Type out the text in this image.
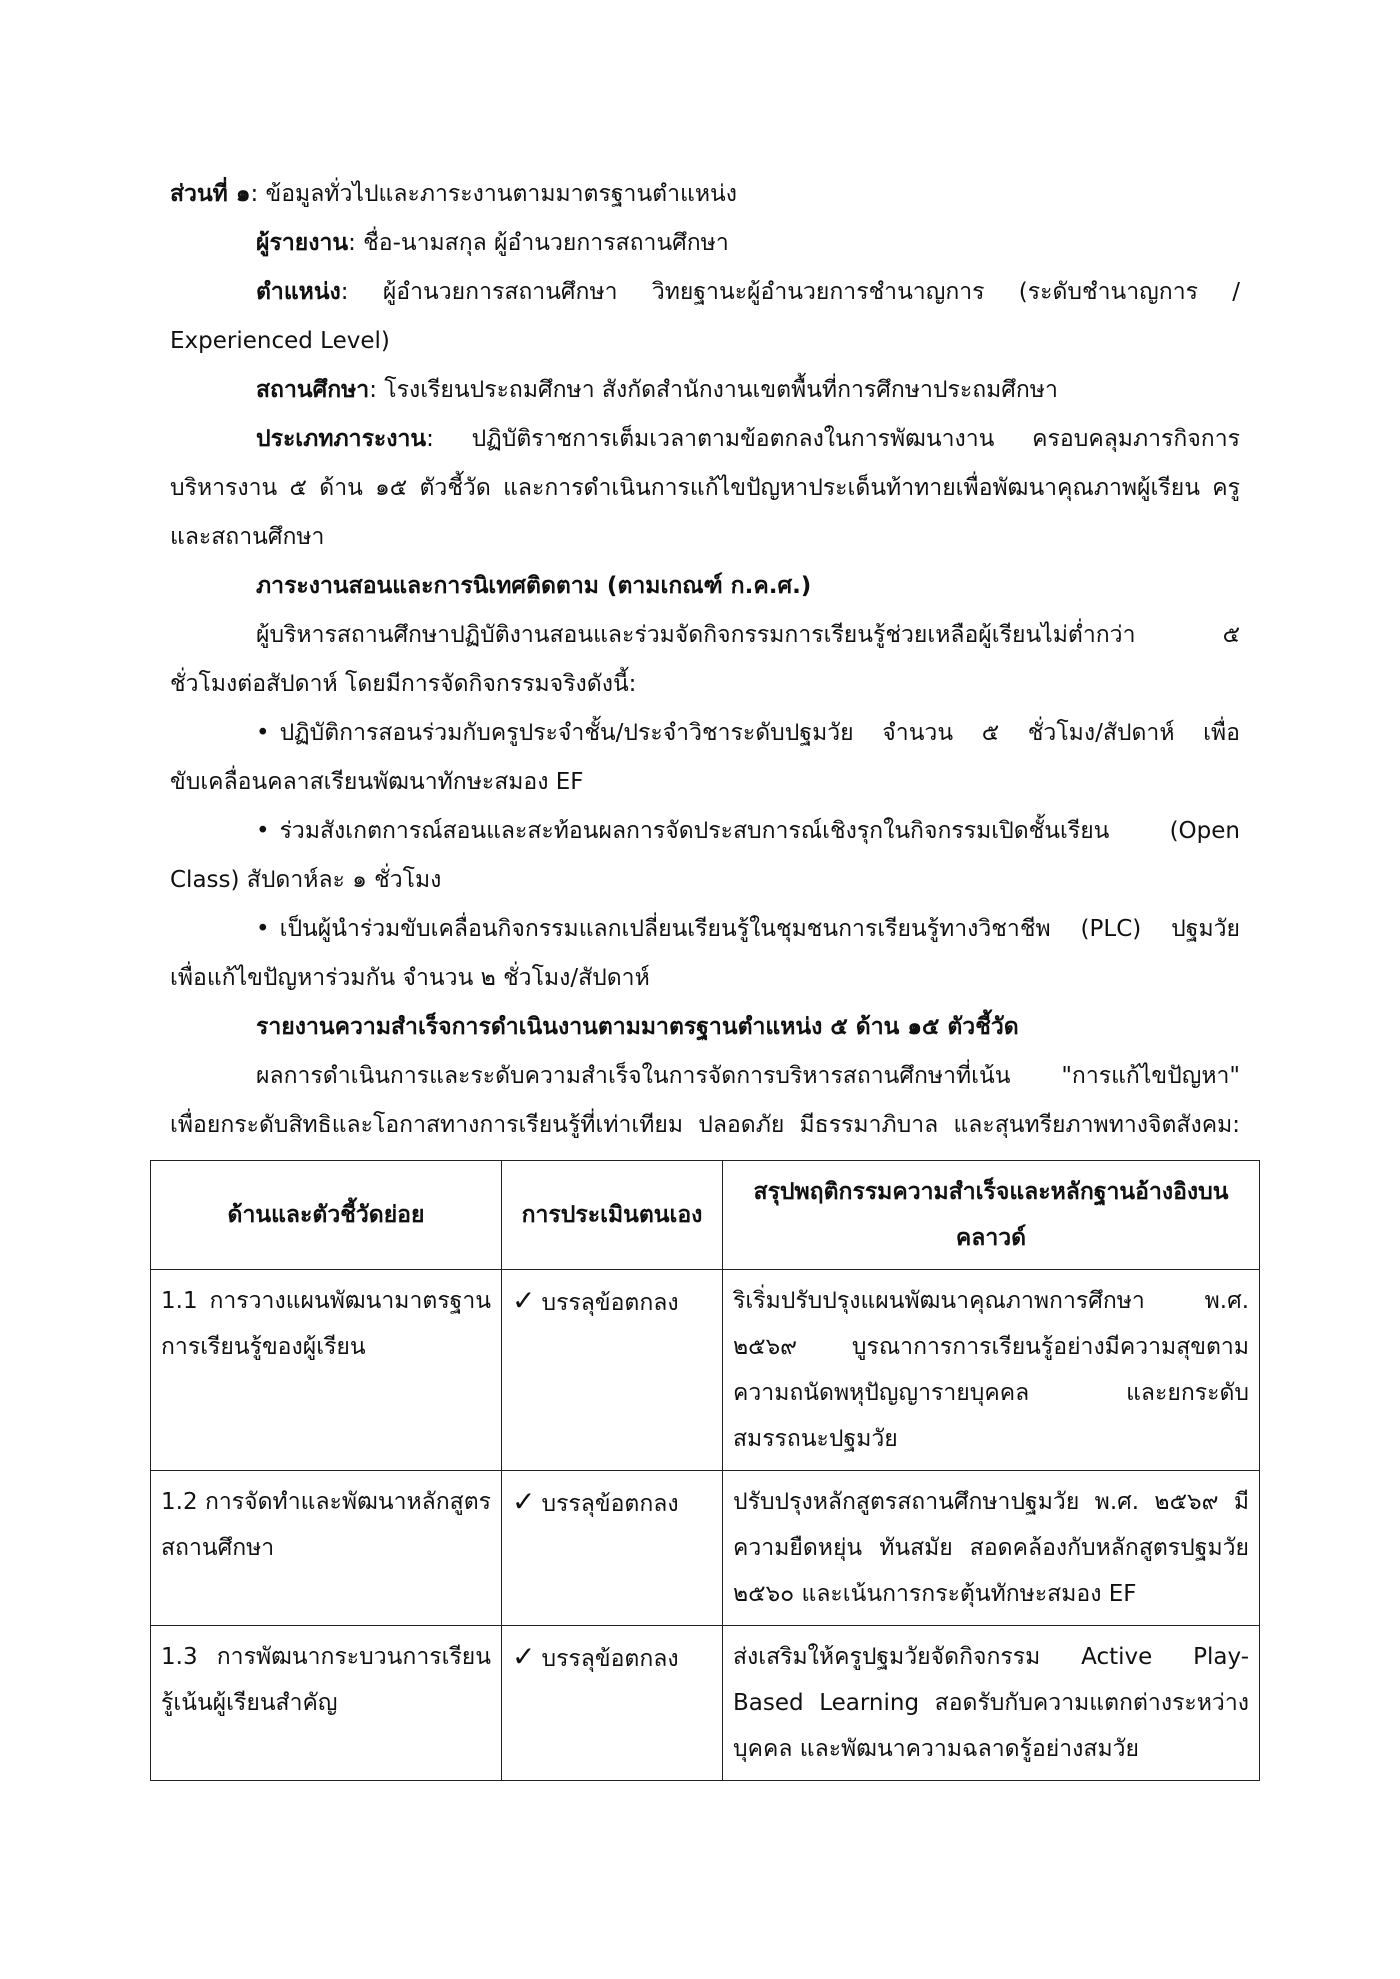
ส่วนที่ ๑: ข้อมูลทั่วไปและภาระงานตามมาตรฐานตำแหน่ง

ผู้รายงาน: ชื่อ-นามสกุล ผู้อำนวยการสถานศึกษา

ตำแหน่ง: ผู้อำนวยการสถานศึกษา วิทยฐานะผู้อำนวยการชำนาญการ (ระดับชำนาญการ /

Experienced Level)

สถานศึกษา: โรงเรียนประถมศึกษา สังกัดสำนักงานเขตพื้นที่การศึกษาประถมศึกษา

ประเภทภาระงาน: ปฏิบัติราชการเต็มเวลาตามข้อตกลงในการพัฒนางาน ครอบคลุมภารกิจการ

บริหารงาน ๕ ด้าน ๑๕ ตัวชี้วัด และการดำเนินการแก้ไขปัญหาประเด็นท้าทายเพื่อพัฒนาคุณภาพผู้เรียน ครู

และสถานศึกษา

ภาระงานสอนและการนิเทศติดตาม (ตามเกณฑ์ ก.ค.ศ.)

ผู้บริหารสถานศึกษาปฏิบัติงานสอนและร่วมจัดกิจกรรมการเรียนรู้ช่วยเหลือผู้เรียนไม่ต่ำกว่า ๕

ชั่วโมงต่อสัปดาห์ โดยมีการจัดกิจกรรมจริงดังนี้:

• ปฏิบัติการสอนร่วมกับครูประจำชั้น/ประจำวิชาระดับปฐมวัย จำนวน ๕ ชั่วโมง/สัปดาห์ เพื่อ

ขับเคลื่อนคลาสเรียนพัฒนาทักษะสมอง EF

• ร่วมสังเกตการณ์สอนและสะท้อนผลการจัดประสบการณ์เชิงรุกในกิจกรรมเปิดชั้นเรียน (Open

Class) สัปดาห์ละ ๑ ชั่วโมง

• เป็นผู้นำร่วมขับเคลื่อนกิจกรรมแลกเปลี่ยนเรียนรู้ในชุมชนการเรียนรู้ทางวิชาชีพ (PLC) ปฐมวัย

เพื่อแก้ไขปัญหาร่วมกัน จำนวน ๒ ชั่วโมง/สัปดาห์

รายงานความสำเร็จการดำเนินงานตามมาตรฐานตำแหน่ง ๕ ด้าน ๑๕ ตัวชี้วัด

ผลการดำเนินการและระดับความสำเร็จในการจัดการบริหารสถานศึกษาที่เน้น "การแก้ไขปัญหา"

เพื่อยกระดับสิทธิและโอกาสทางการเรียนรู้ที่เท่าเทียม ปลอดภัย มีธรรมาภิบาล และสุนทรียภาพทางจิตสังคม:

ด้านและตัวชี้วัดย่อย	การประเมินตนเอง	สรุปพฤติกรรมความสำเร็จและหลักฐานอ้างอิงบนคลาวด์
1.1 การวางแผนพัฒนามาตรฐานการเรียนรู้ของผู้เรียน	✓ บรรลุข้อตกลง	ริเริ่มปรับปรุงแผนพัฒนาคุณภาพการศึกษา พ.ศ. ๒๕๖๙ บูรณาการการเรียนรู้อย่างมีความสุขตามความถนัดพหุปัญญารายบุคคล และยกระดับสมรรถนะปฐมวัย
1.2 การจัดทำและพัฒนาหลักสูตรสถานศึกษา	✓ บรรลุข้อตกลง	ปรับปรุงหลักสูตรสถานศึกษาปฐมวัย พ.ศ. ๒๕๖๙ มีความยืดหยุ่น ทันสมัย สอดคล้องกับหลักสูตรปฐมวัย ๒๕๖๐ และเน้นการกระตุ้นทักษะสมอง EF
1.3 การพัฒนากระบวนการเรียนรู้เน้นผู้เรียนสำคัญ	✓ บรรลุข้อตกลง	ส่งเสริมให้ครูปฐมวัยจัดกิจกรรม Active Play-Based Learning สอดรับกับความแตกต่างระหว่างบุคคล และพัฒนาความฉลาดรู้อย่างสมวัย
